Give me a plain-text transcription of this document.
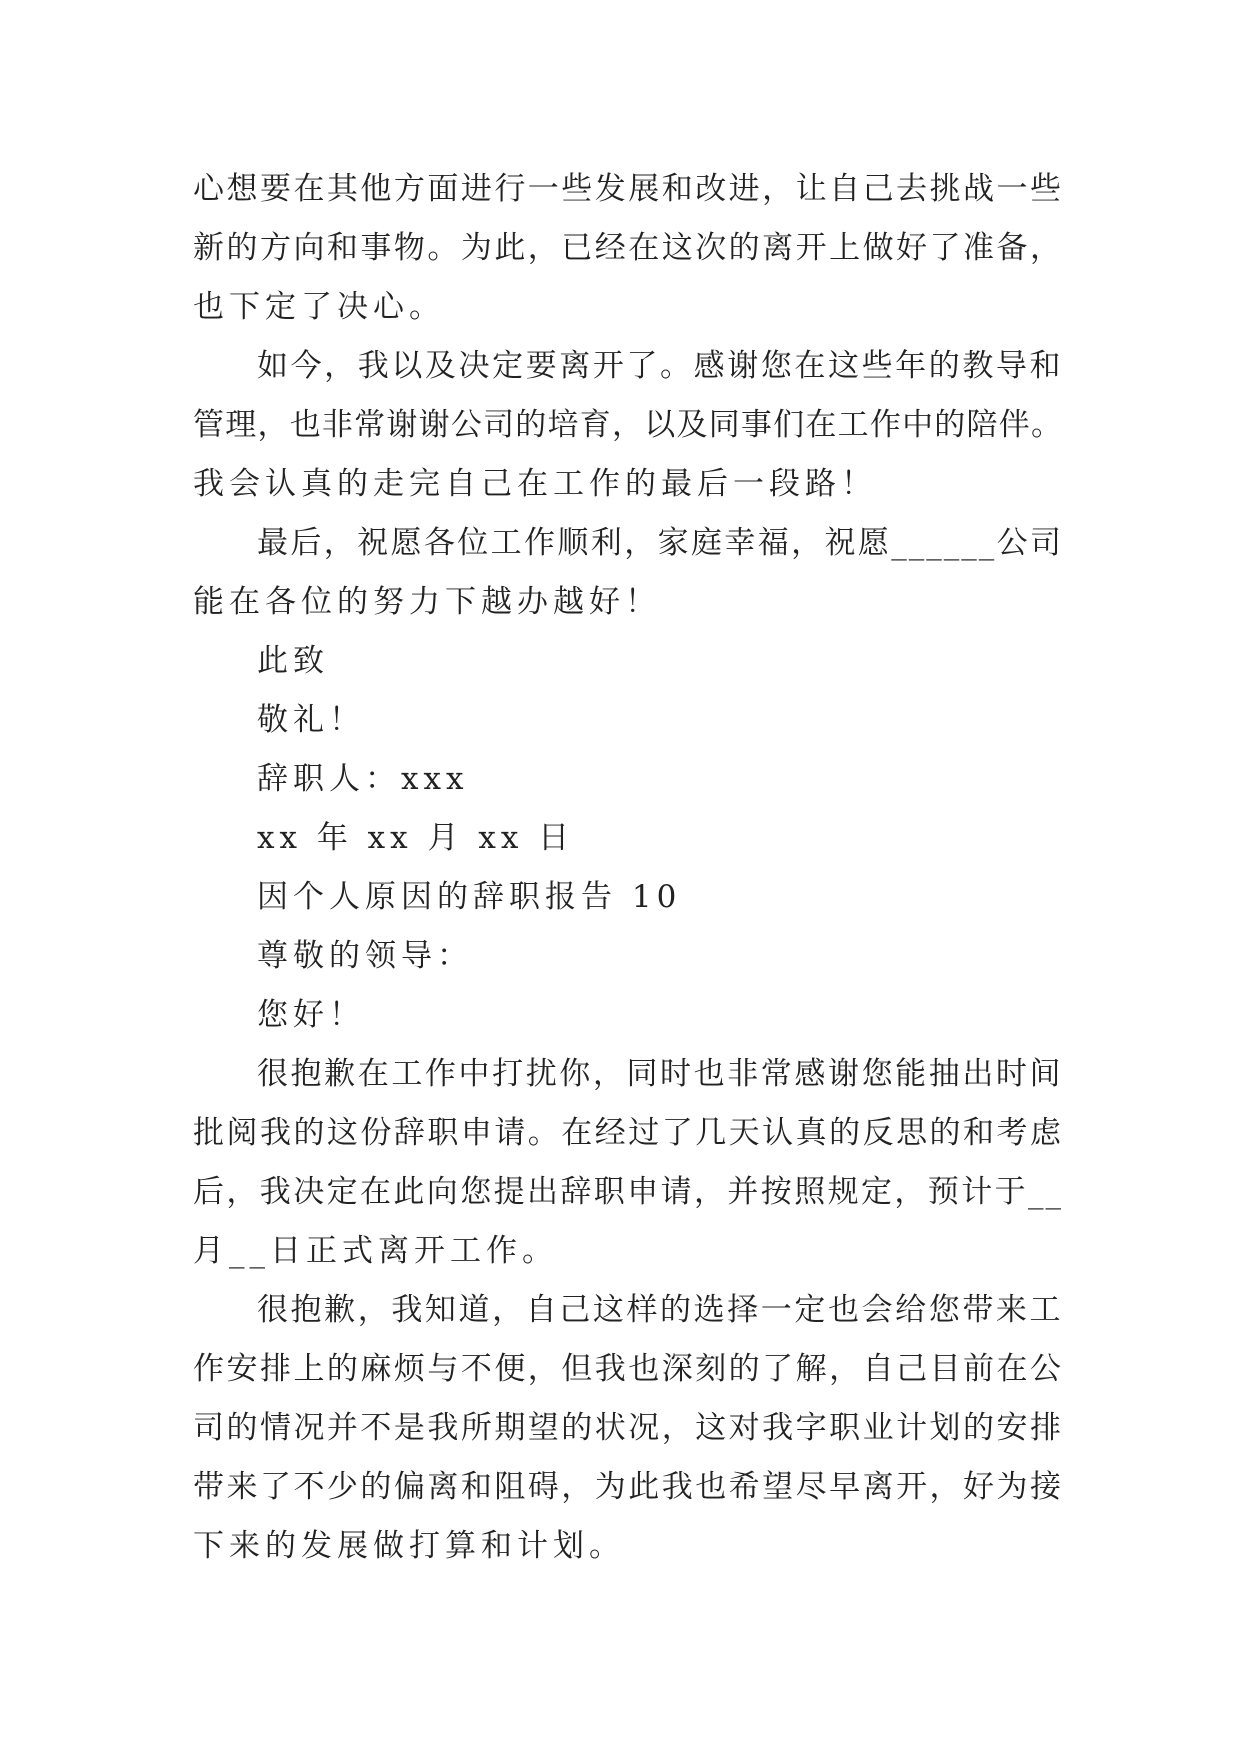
心想要在其他方面进行一些发展和改进，让自己去挑战一些
新的方向和事物。为此，已经在这次的离开上做好了准备，
也下定了决心。
如今，我以及决定要离开了。感谢您在这些年的教导和
管理，也非常谢谢公司的培育，以及同事们在工作中的陪伴。
我会认真的走完自己在工作的最后一段路！
最后，祝愿各位工作顺利，家庭幸福，祝愿______公司
能在各位的努力下越办越好！
此致
敬礼！
辞职人：xxx
xx 年 xx 月 xx 日
因个人原因的辞职报告 10
尊敬的领导：
您好！
很抱歉在工作中打扰你，同时也非常感谢您能抽出时间
批阅我的这份辞职申请。在经过了几天认真的反思的和考虑
后，我决定在此向您提出辞职申请，并按照规定，预计于__
月__日正式离开工作。
很抱歉，我知道，自己这样的选择一定也会给您带来工
作安排上的麻烦与不便，但我也深刻的了解，自己目前在公
司的情况并不是我所期望的状况，这对我字职业计划的安排
带来了不少的偏离和阻碍，为此我也希望尽早离开，好为接
下来的发展做打算和计划。
